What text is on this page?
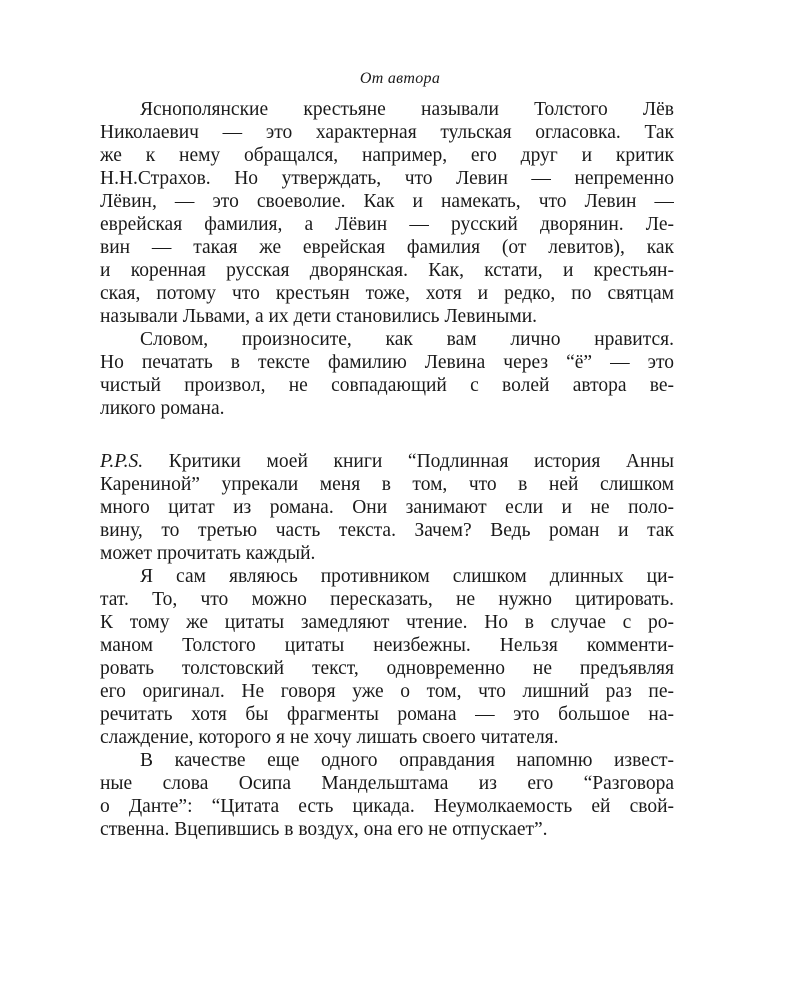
От автора
Яснополянские крестьяне называли Толстого Лёв
Николаевич — это характерная тульская огласовка. Так
же к нему обращался, например, его друг и критик
Н.Н.Страхов. Но утверждать, что Левин — непременно
Лёвин, — это своеволие. Как и намекать, что Левин —
еврейская фамилия, а Лёвин — русский дворянин. Ле-
вин — такая же еврейская фамилия (от левитов), как
и коренная русская дворянская. Как, кстати, и крестьян-
ская, потому что крестьян тоже, хотя и редко, по святцам
называли Львами, а их дети становились Левиными.
Словом, произносите, как вам лично нравится.
Но печатать в тексте фамилию Левина через “ё” — это
чистый произвол, не совпадающий с волей автора ве-
ликого романа.
P.P.S. Критики моей книги “Подлинная история Анны
Карениной” упрекали меня в том, что в ней слишком
много цитат из романа. Они занимают если и не поло-
вину, то третью часть текста. Зачем? Ведь роман и так
может прочитать каждый.
Я сам являюсь противником слишком длинных ци-
тат. То, что можно пересказать, не нужно цитировать.
К тому же цитаты замедляют чтение. Но в случае с ро-
маном Толстого цитаты неизбежны. Нельзя комменти-
ровать толстовский текст, одновременно не предъявляя
его оригинал. Не говоря уже о том, что лишний раз пе-
речитать хотя бы фрагменты романа — это большое на-
слаждение, которого я не хочу лишать своего читателя.
В качестве еще одного оправдания напомню извест-
ные слова Осипа Мандельштама из его “Разговора
о Данте”: “Цитата есть цикада. Неумолкаемость ей свой-
ственна. Вцепившись в воздух, она его не отпускает”.
